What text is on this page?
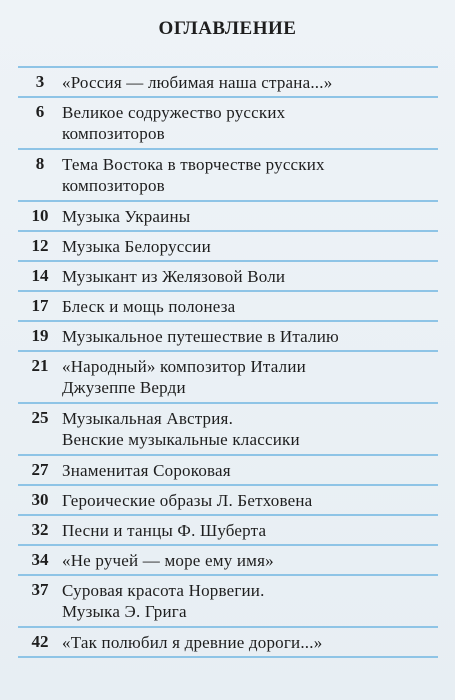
ОГЛАВЛЕНИЕ
3	«Россия — любимая наша страна...»
6	Великое содружество русских
композиторов
8	Тема Востока в творчестве русских
композиторов
10 Музыка Украины
12 Музыка Белоруссии
14 Музыкант из Желязовой Воли
17 Блеск и мощь полонеза
19 Музыкальное путешествие в Италию
21 «Народный» композитор Италии
Джузеппе Верди
25 Музыкальная Австрия.
Венские музыкальные классики
27 Знаменитая Сороковая
30 Героические образы Л. Бетховена
32 Песни и танцы Ф. Шуберта
34 «Не ручей — море ему имя»
37 Суровая красота Норвегии.
Музыка Э. Грига
42 «Так полюбил я древние дороги...»
